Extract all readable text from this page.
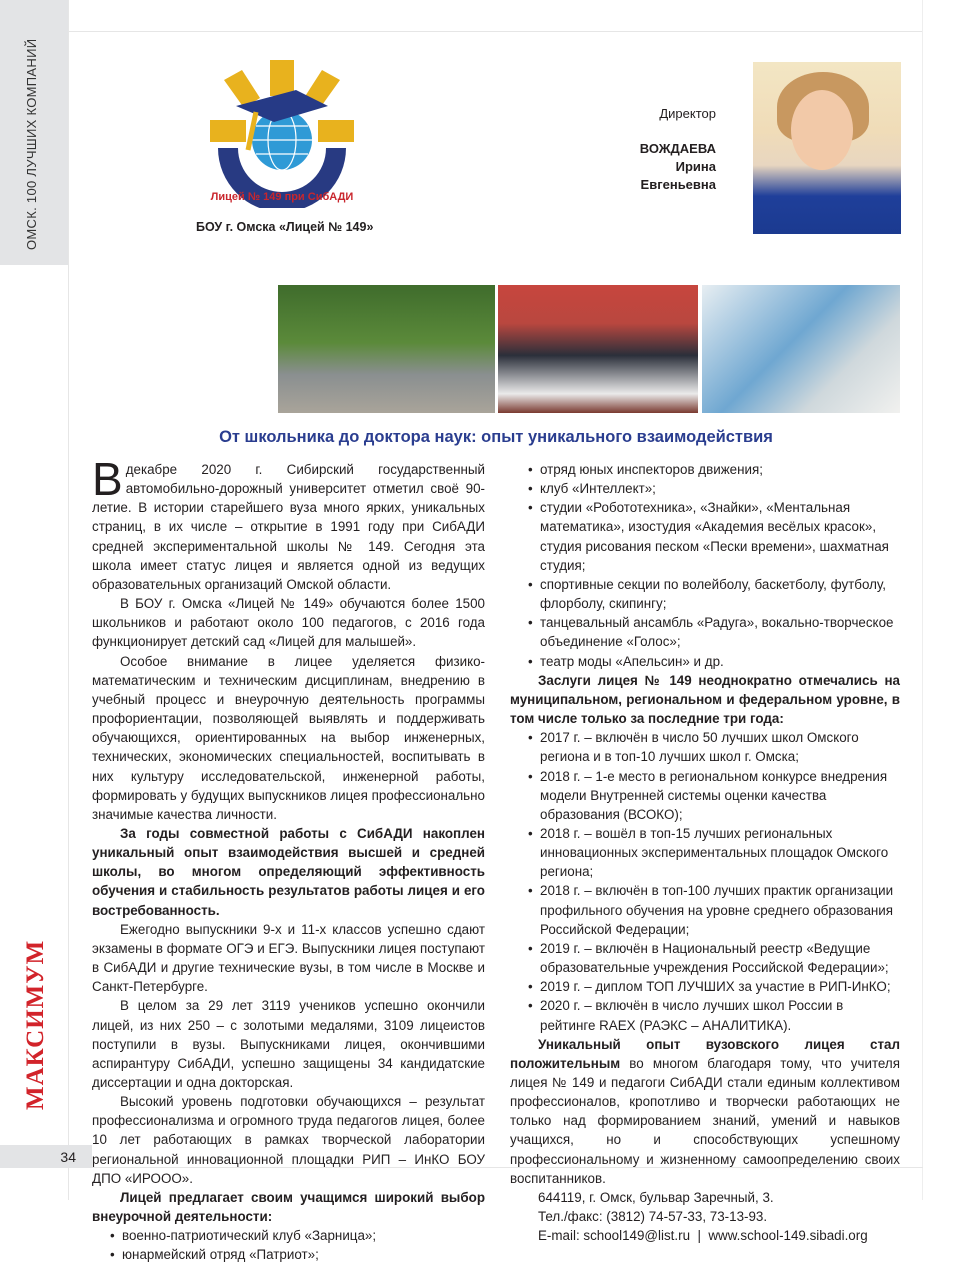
ОМСК. 100 ЛУЧШИХ КОМПАНИЙ
МАКСИМУМ
34
Лицей № 149 при СибАДИ
БОУ г. Омска «Лицей № 149»
Директор
ВОЖДАЕВА
Ирина
Евгеньевна
От школьника до доктора наук: опыт уникального взаимодействия

Вдекабре 2020 г. Сибирский государственный автомобильно-дорожный университет отметил своё 90-летие. В истории старейшего вуза много ярких, уникальных страниц, в их числе – открытие в 1991 году при СибАДИ средней экспериментальной школы № 149. Сегодня эта школа имеет статус лицея и является одной из ведущих образовательных организаций Омской области.

В БОУ г. Омска «Лицей № 149» обучаются более 1500 школьников и работают около 100 педагогов, с 2016 года функционирует детский сад «Лицей для малышей».

Особое внимание в лицее уделяется физико-математическим и техническим дисциплинам, внедрению в учебный процесс и внеурочную деятельность программы профориентации, позволяющей выявлять и поддерживать обучающихся, ориентированных на выбор инженерных, технических, экономических специальностей, воспитывать в них культуру исследовательской, инженерной работы, формировать у будущих выпускников лицея профессионально значимые качества личности.

За годы совместной работы с СибАДИ накоплен уникальный опыт взаимодействия высшей и средней школы, во многом определяющий эффективность обучения и стабильность результатов работы лицея и его востребованность.

Ежегодно выпускники 9-х и 11-х классов успешно сдают экзамены в формате ОГЭ и ЕГЭ. Выпускники лицея поступают в СибАДИ и другие технические вузы, в том числе в Москве и Санкт-Петербурге.

В целом за 29 лет 3119 учеников успешно окончили лицей, из них 250 – с золотыми медалями, 3109 лицеистов поступили в вузы. Выпускниками лицея, окончившими аспирантуру СибАДИ, успешно защищены 34 кандидатские диссертации и одна докторская.

Высокий уровень подготовки обучающихся – результат профессионализма и огромного труда педагогов лицея, более 10 лет работающих в рамках творческой лаборатории региональной инновационной площадки РИП – ИнКО БОУ ДПО «ИРООО».

Лицей предлагает своим учащимся широкий выбор внеурочной деятельности:

• военно-патриотический клуб «Зарница»;
• юнармейский отряд «Патриот»;
• отряд юных инспекторов движения;
• клуб «Интеллект»;
• студии «Робототехника», «Знайки», «Ментальная математика», изостудия «Академия весёлых красок», студия рисования песком «Пески времени», шахматная студия;
• спортивные секции по волейболу, баскетболу, футболу, флорболу, скипингу;
• танцевальный ансамбль «Радуга», вокально-творческое объединение «Голос»;
• театр моды «Апельсин» и др.

Заслуги лицея № 149 неоднократно отмечались на муниципальном, региональном и федеральном уровне, в том числе только за последние три года:

• 2017 г. – включён в число 50 лучших школ Омского региона и в топ-10 лучших школ г. Омска;
• 2018 г. – 1-е место в региональном конкурсе внедрения модели Внутренней системы оценки качества образования (ВСОКО);
• 2018 г. – вошёл в топ-15 лучших региональных инновационных экспериментальных площадок Омского региона;
• 2018 г. – включён в топ-100 лучших практик организации профильного обучения на уровне среднего образования Российской Федерации;
• 2019 г. – включён в Национальный реестр «Ведущие образовательные учреждения Российской Федерации»;
• 2019 г. – диплом ТОП ЛУЧШИХ за участие в РИП-ИнКО;
• 2020 г. – включён в число лучших школ России в рейтинге RAEX (РАЭКС – АНАЛИТИКА).

Уникальный опыт вузовского лицея стал положительным во многом благодаря тому, что учителя лицея № 149 и педагоги СибАДИ стали единым коллективом профессионалов, кропотливо и творчески работающих не только над формированием знаний, умений и навыков учащихся, но и способствующих успешному профессиональному и жизненному самоопределению своих воспитанников.

644119, г. Омск, бульвар Заречный, 3.

Тел./факс: (3812) 74-57-33, 73-13-93.

E-mail: school149@list.ru  |  www.school-149.sibadi.org
